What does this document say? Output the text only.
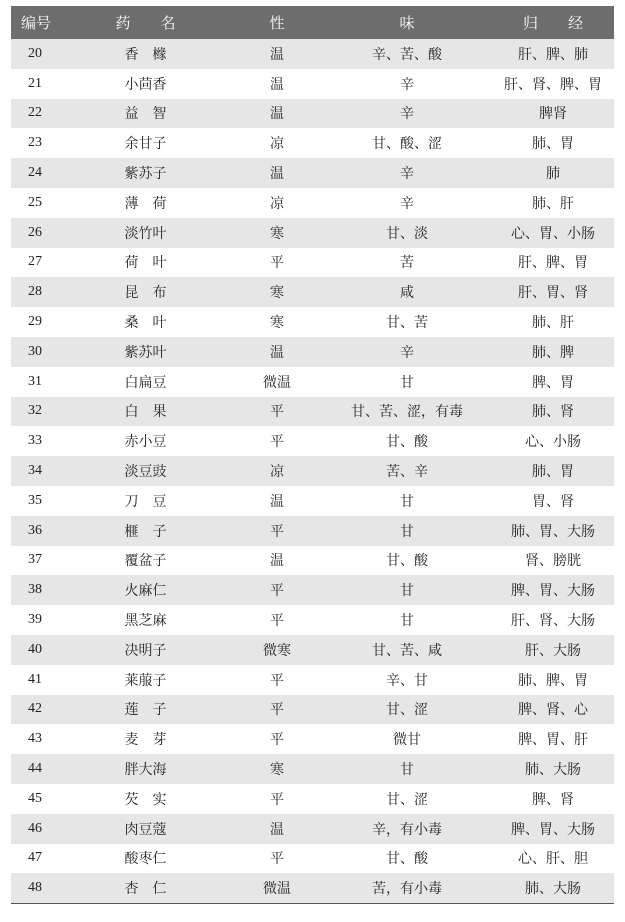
编号	药　　名	性	味	归　　经
20	香　橼	温	辛、苦、酸	肝、脾、肺
21	小茴香	温	辛	肝、肾、脾、胃
22	益　智	温	辛	脾肾
23	余甘子	凉	甘、酸、涩	肺、胃
24	紫苏子	温	辛	肺
25	薄　荷	凉	辛	肺、肝
26	淡竹叶	寒	甘、淡	心、胃、小肠
27	荷　叶	平	苦	肝、脾、胃
28	昆　布	寒	咸	肝、胃、肾
29	桑　叶	寒	甘、苦	肺、肝
30	紫苏叶	温	辛	肺、脾
31	白扁豆	微温	甘	脾、胃
32	白　果	平	甘、苦、涩，有毒	肺、肾
33	赤小豆	平	甘、酸	心、小肠
34	淡豆豉	凉	苦、辛	肺、胃
35	刀　豆	温	甘	胃、肾
36	榧　子	平	甘	肺、胃、大肠
37	覆盆子	温	甘、酸	肾、膀胱
38	火麻仁	平	甘	脾、胃、大肠
39	黑芝麻	平	甘	肝、肾、大肠
40	决明子	微寒	甘、苦、咸	肝、大肠
41	莱菔子	平	辛、甘	肺、脾、胃
42	莲　子	平	甘、涩	脾、肾、心
43	麦　芽	平	微甘	脾、胃、肝
44	胖大海	寒	甘	肺、大肠
45	芡　实	平	甘、涩	脾、肾
46	肉豆蔻	温	辛，有小毒	脾、胃、大肠
47	酸枣仁	平	甘、酸	心、肝、胆
48	杏　仁	微温	苦，有小毒	肺、大肠
